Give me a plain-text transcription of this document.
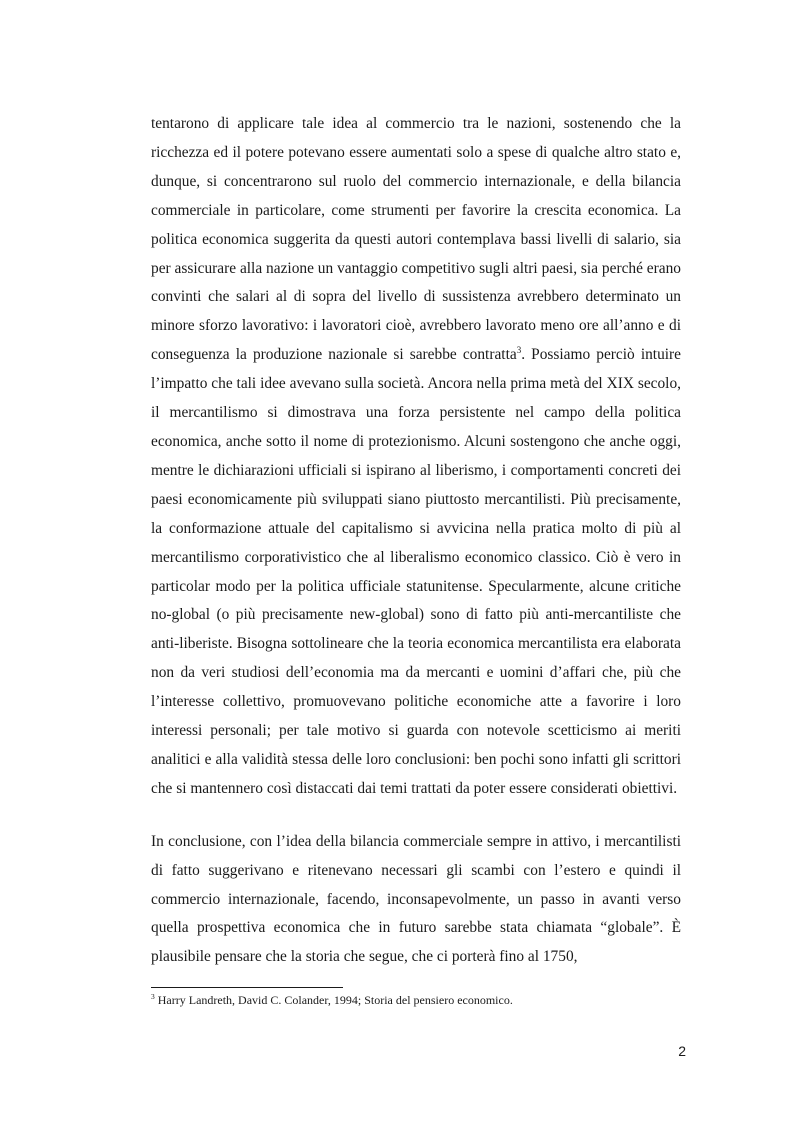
tentarono di applicare tale idea al commercio tra le nazioni, sostenendo che la ricchezza ed il potere potevano essere aumentati solo a spese di qualche altro stato e, dunque, si concentrarono sul ruolo del commercio internazionale, e della bilancia commerciale in particolare, come strumenti per favorire la crescita economica. La politica economica suggerita da questi autori contemplava bassi livelli di salario, sia per assicurare alla nazione un vantaggio competitivo sugli altri paesi, sia perché erano convinti che salari al di sopra del livello di sussistenza avrebbero determinato un minore sforzo lavorativo: i lavoratori cioè, avrebbero lavorato meno ore all’anno e di conseguenza la produzione nazionale si sarebbe contratta$^3$. Possiamo perciò intuire l’impatto che tali idee avevano sulla società. Ancora nella prima metà del XIX secolo, il mercantilismo si dimostrava una forza persistente nel campo della politica economica, anche sotto il nome di protezionismo. Alcuni sostengono che anche oggi, mentre le dichiarazioni ufficiali si ispirano al liberismo, i comportamenti concreti dei paesi economicamente più sviluppati siano piuttosto mercantilisti. Più precisamente, la conformazione attuale del capitalismo si avvicina nella pratica molto di più al mercantilismo corporativistico che al liberalismo economico classico. Ciò è vero in particolar modo per la politica ufficiale statunitense. Specularmente, alcune critiche no-global (o più precisamente new-global) sono di fatto più anti-mercantiliste che anti-liberiste. Bisogna sottolineare che la teoria economica mercantilista era elaborata non da veri studiosi dell’economia ma da mercanti e uomini d’affari che, più che l’interesse collettivo, promuovevano politiche economiche atte a favorire i loro interessi personali; per tale motivo si guarda con notevole scetticismo ai meriti analitici e alla validità stessa delle loro conclusioni: ben pochi sono infatti gli scrittori che si mantennero così distaccati dai temi trattati da poter essere considerati obiettivi.

In conclusione, con l’idea della bilancia commerciale sempre in attivo, i mercantilisti di fatto suggerivano e ritenevano necessari gli scambi con l’estero e quindi il commercio internazionale, facendo, inconsapevolmente, un passo in avanti verso quella prospettiva economica che in futuro sarebbe stata chiamata “globale”. È plausibile pensare che la storia che segue, che ci porterà fino al 1750,

$^3$ Harry Landreth, David C. Colander, 1994; Storia del pensiero economico.
2
